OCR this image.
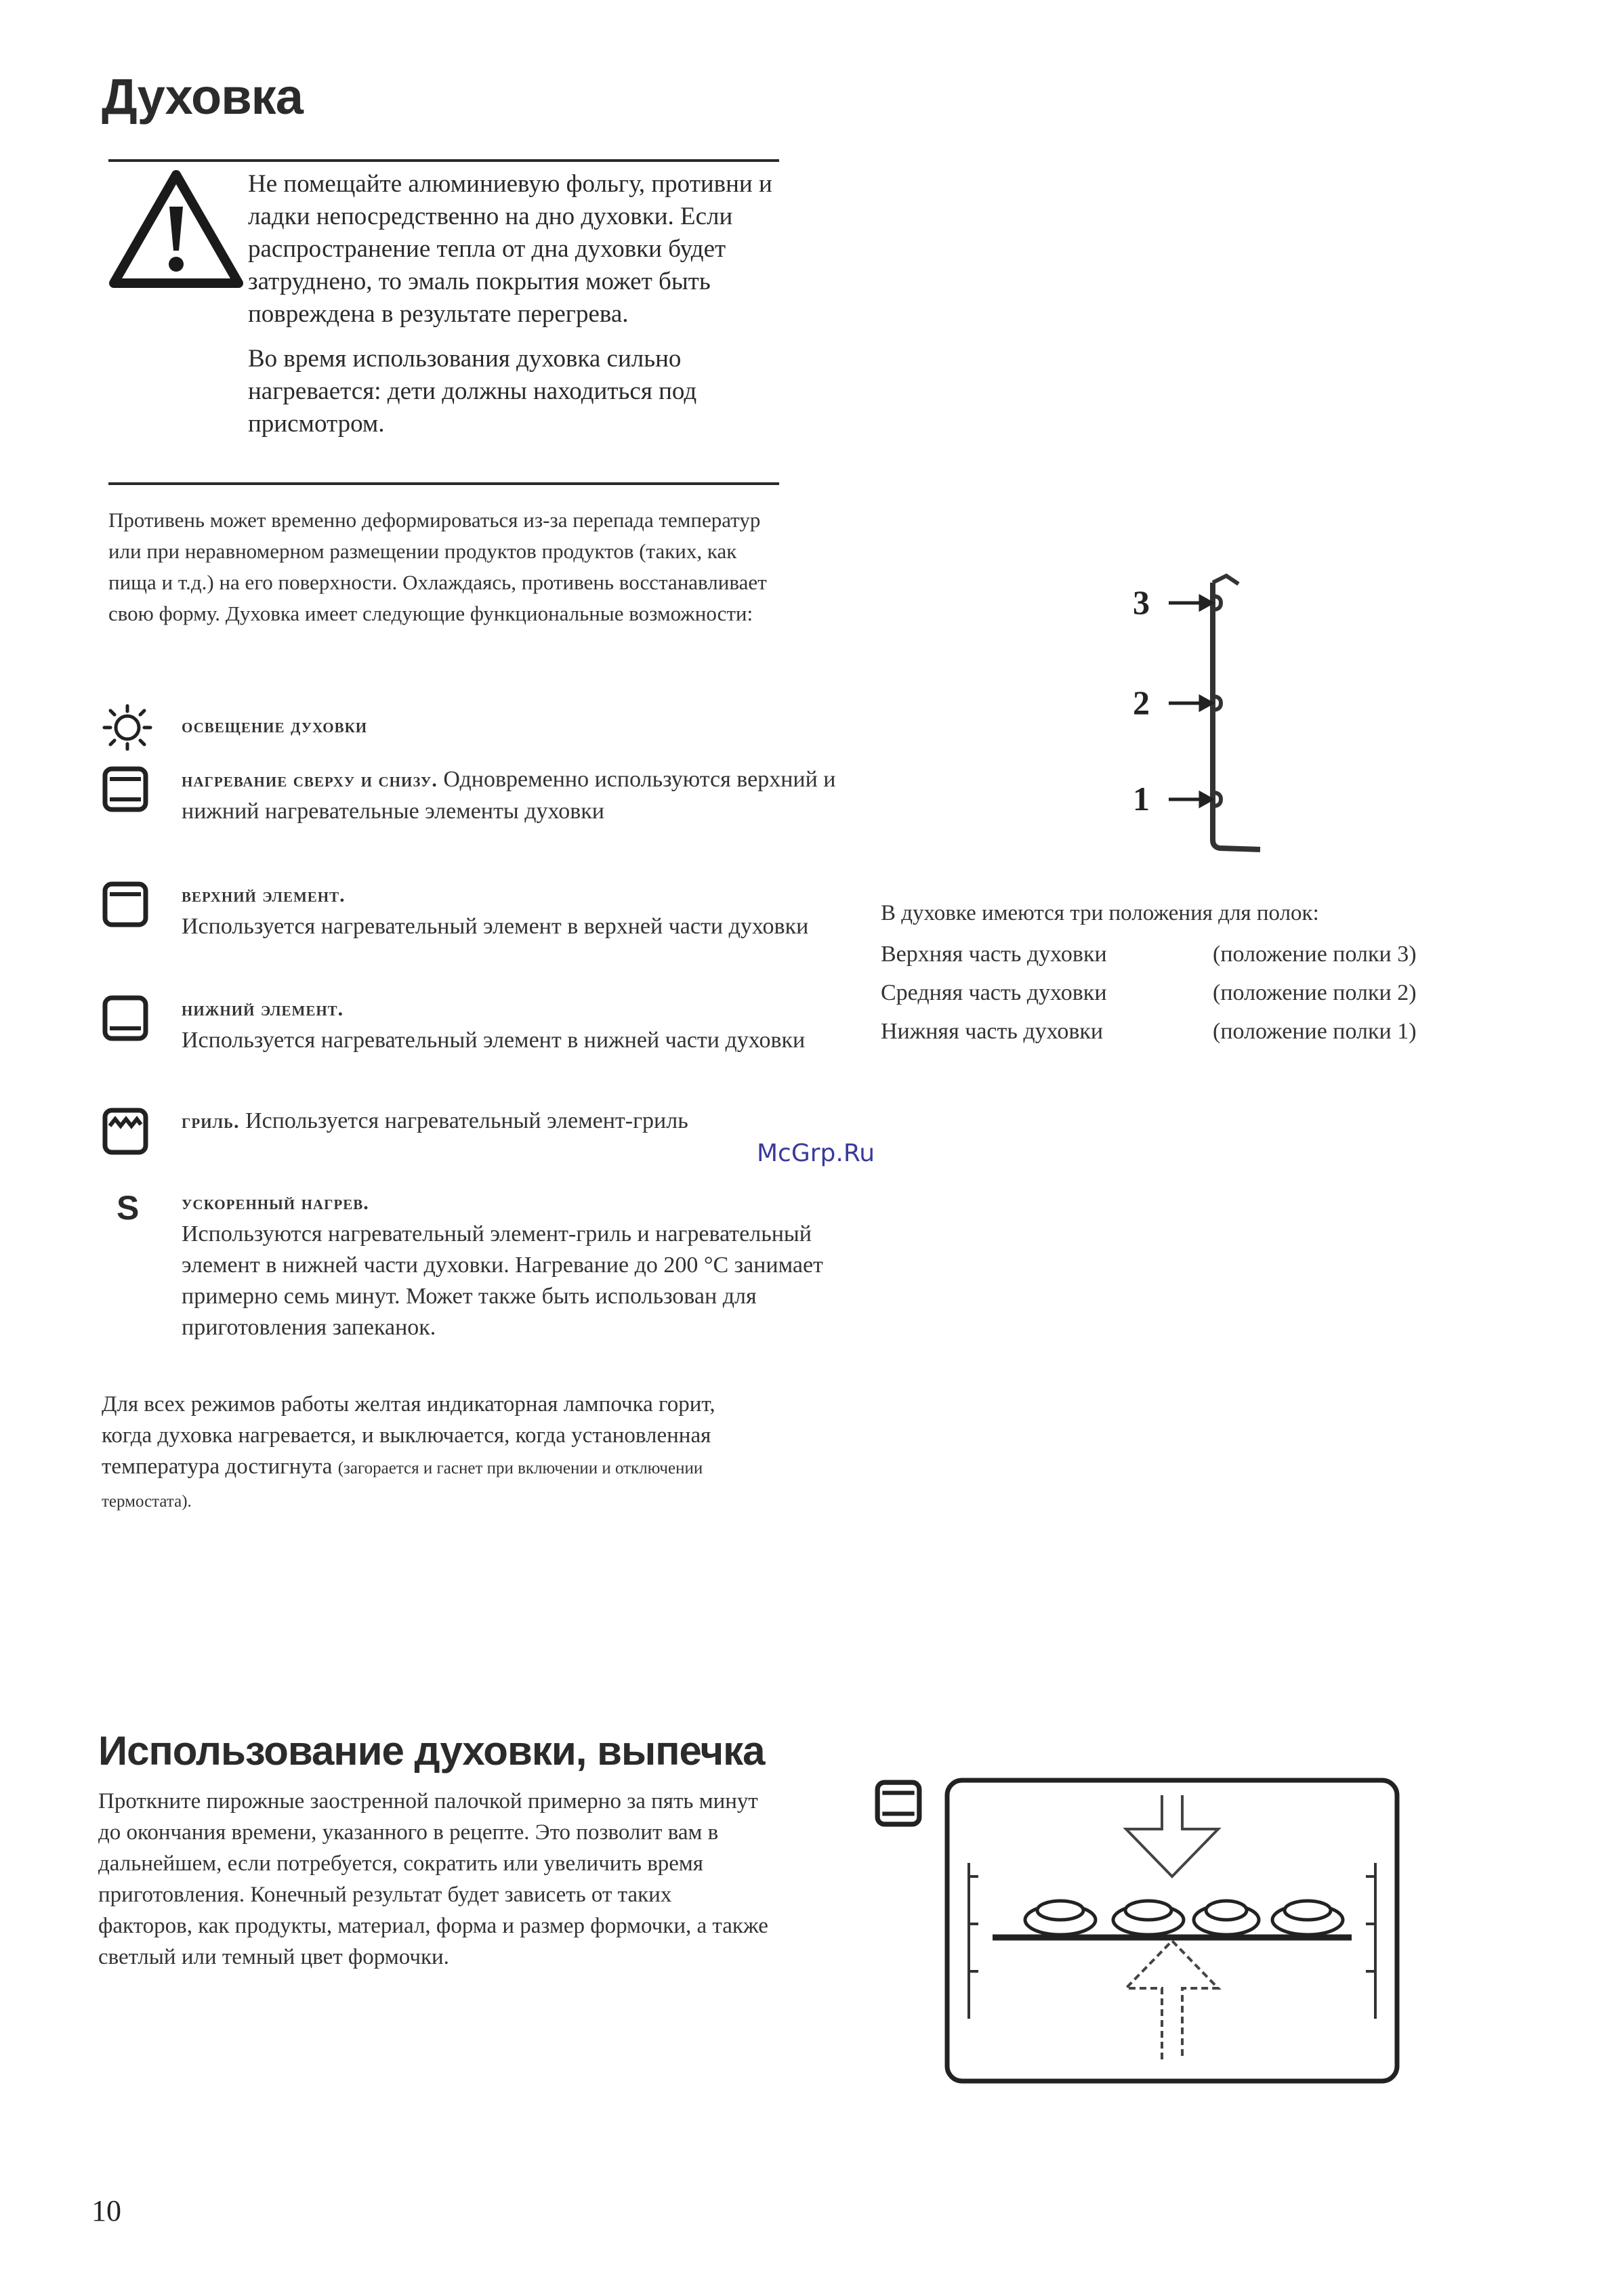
Духовка

Не помещайте алюминиевую фольгу, противни и ладки непосредственно на дно духовки. Если распространение тепла от дна духовки будет затруднено, то эмаль покрытия может быть повреждена в результате перегрева.

Во время использования духовка сильно нагревается: дети должны находиться под присмотром.

Противень может временно деформироваться из-за перепада температур или при неравномерном размещении продуктов продуктов (таких, как пища и т.д.) на его поверхности. Охлаждаясь, противень восстанавливает свою форму. Духовка имеет следующие функциональные возможности:
освещение духовки
нагревание сверху и снизу. Одновременно используются верхний и нижний нагревательные элементы духовки
верхний элемент.
Используется нагревательный элемент в верхней части духовки
нижний элемент.
Используется нагревательный элемент в нижней части духовки
гриль. Используется нагревательный элемент-гриль
S ускоренный нагрев.
Используются нагревательный элемент-гриль и нагревательный элемент в нижней части духовки. Нагревание до 200 °С занимает примерно семь минут. Может также быть использован для приготовления запеканок.
Для всех режимов работы желтая индикаторная лампочка горит, когда духовка нагревается, и выключается, когда установленная температура достигнута (загорается и гаснет при включении и отключении термостата).
3
2
1
В духовке имеются три положения для полок:
Верхняя часть духовки	(положение полки 3)
Средняя часть духовки	(положение полки 2)
Нижняя часть духовки	(положение полки 1)
McGrp.Ru
Использование духовки, выпечка
Проткните пирожные заостренной палочкой примерно за пять минут до окончания времени, указанного в рецепте. Это позволит вам в дальнейшем, если потребуется, сократить или увеличить время приготовления. Конечный результат будет зависеть от таких факторов, как продукты, материал, форма и размер формочки, а также светлый или темный цвет формочки.
10
